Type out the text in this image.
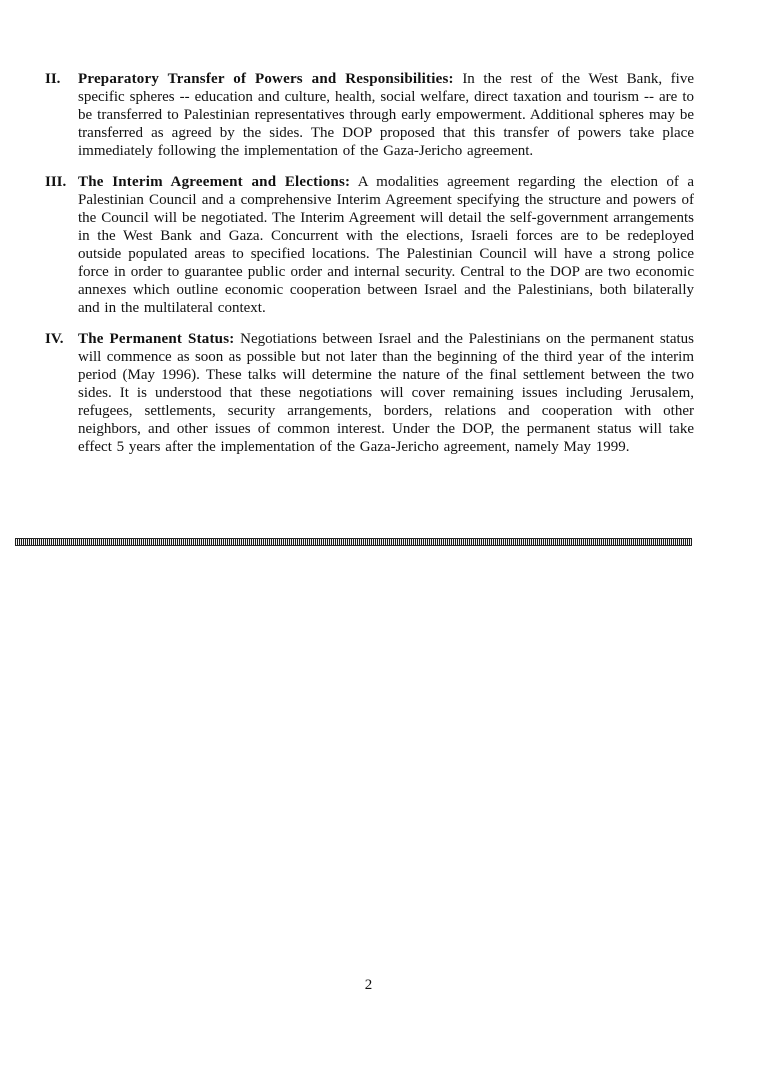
II.	Preparatory Transfer of Powers and Responsibilities: In the rest of the West Bank, five specific spheres -- education and culture, health, social welfare, direct taxation and tourism -- are to be transferred to Palestinian representatives through early empowerment. Additional spheres may be transferred as agreed by the sides. The DOP proposed that this transfer of powers take place immediately following the implementation of the Gaza-Jericho agreement.
III. The Interim Agreement and Elections: A modalities agreement regarding the election of a Palestinian Council and a comprehensive Interim Agreement specifying the structure and powers of the Council will be negotiated. The Interim Agreement will detail the self-government arrangements in the West Bank and Gaza. Concurrent with the elections, Israeli forces are to be redeployed outside populated areas to specified locations. The Palestinian Council will have a strong police force in order to guarantee public order and internal security. Central to the DOP are two economic annexes which outline economic cooperation between Israel and the Palestinians, both bilaterally and in the multilateral context.
IV. The Permanent Status: Negotiations between Israel and the Palestinians on the permanent status will commence as soon as possible but not later than the beginning of the third year of the interim period (May 1996). These talks will determine the nature of the final settlement between the two sides. It is understood that these negotiations will cover remaining issues including Jerusalem, refugees, settlements, security arrangements, borders, relations and cooperation with other neighbors, and other issues of common interest. Under the DOP, the permanent status will take effect 5 years after the implementation of the Gaza-Jericho agreement, namely May 1999.
2
